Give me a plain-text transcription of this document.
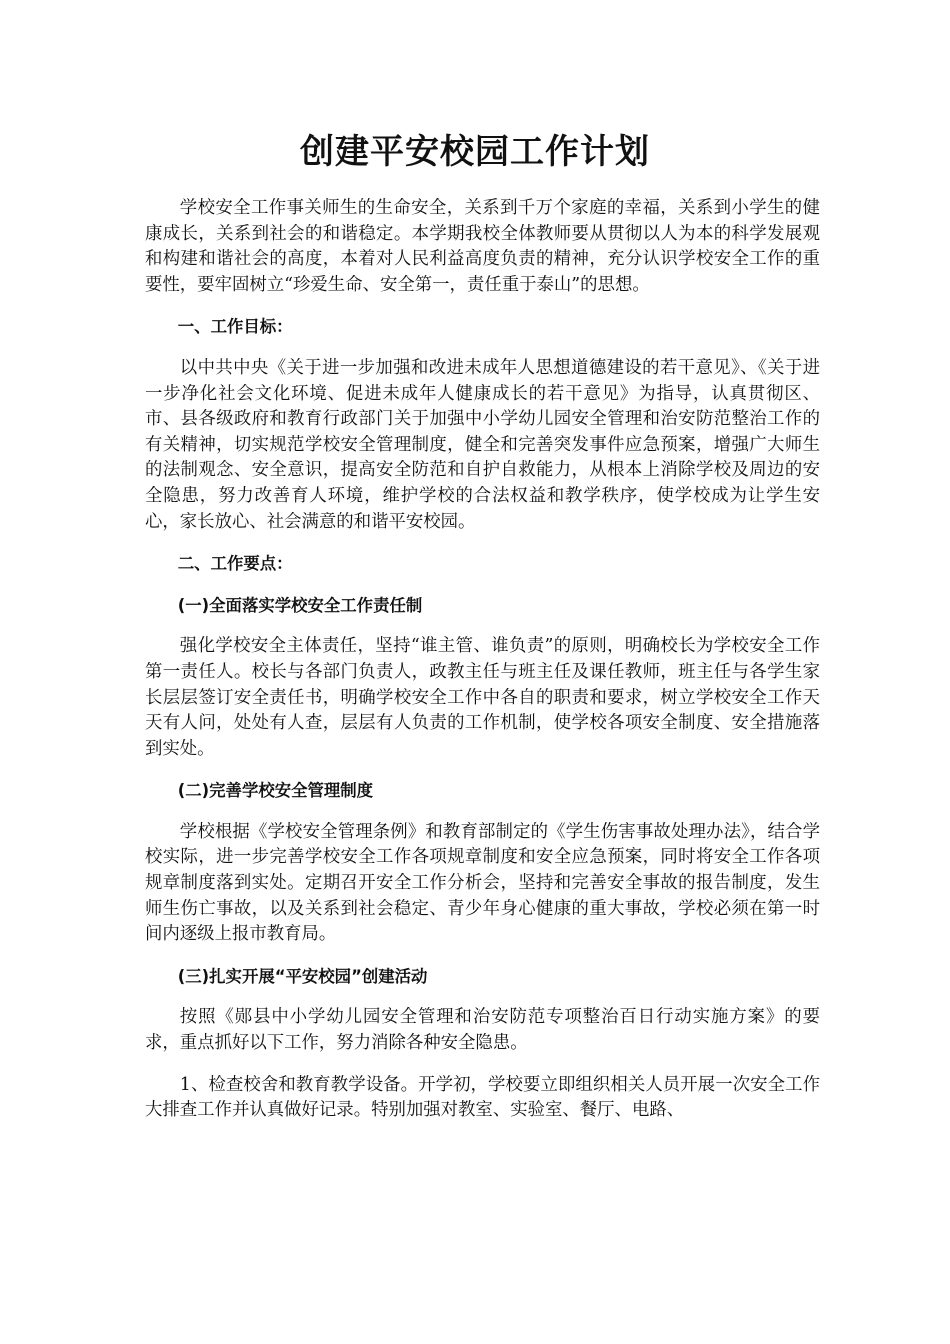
创建平安校园工作计划

学校安全工作事关师生的生命安全，关系到千万个家庭的幸福，关系到小学生的健康成长，关系到社会的和谐稳定。本学期我校全体教师要从贯彻以人为本的科学发展观和构建和谐社会的高度，本着对人民利益高度负责的精神，充分认识学校安全工作的重要性，要牢固树立“珍爱生命、安全第一，责任重于泰山”的思想。

一、工作目标：

以中共中央《关于进一步加强和改进未成年人思想道德建设的若干意见》、《关于进一步净化社会文化环境、促进未成年人健康成长的若干意见》为指导，认真贯彻区、市、县各级政府和教育行政部门关于加强中小学幼儿园安全管理和治安防范整治工作的有关精神，切实规范学校安全管理制度，健全和完善突发事件应急预案，增强广大师生的法制观念、安全意识，提高安全防范和自护自救能力，从根本上消除学校及周边的安全隐患，努力改善育人环境，维护学校的合法权益和教学秩序，使学校成为让学生安心，家长放心、社会满意的和谐平安校园。

二、工作要点：

(一)全面落实学校安全工作责任制

强化学校安全主体责任，坚持“谁主管、谁负责”的原则，明确校长为学校安全工作第一责任人。校长与各部门负责人，政教主任与班主任及课任教师，班主任与各学生家长层层签订安全责任书，明确学校安全工作中各自的职责和要求，树立学校安全工作天天有人问，处处有人查，层层有人负责的工作机制，使学校各项安全制度、安全措施落到实处。

(二)完善学校安全管理制度

学校根据《学校安全管理条例》和教育部制定的《学生伤害事故处理办法》，结合学校实际，进一步完善学校安全工作各项规章制度和安全应急预案，同时将安全工作各项规章制度落到实处。定期召开安全工作分析会，坚持和完善安全事故的报告制度，发生师生伤亡事故，以及关系到社会稳定、青少年身心健康的重大事故，学校必须在第一时间内逐级上报市教育局。

(三)扎实开展“平安校园”创建活动

按照《郧县中小学幼儿园安全管理和治安防范专项整治百日行动实施方案》的要求，重点抓好以下工作，努力消除各种安全隐患。

1、检查校舍和教育教学设备。开学初，学校要立即组织相关人员开展一次安全工作大排查工作并认真做好记录。特别加强对教室、实验室、餐厅、电路、
